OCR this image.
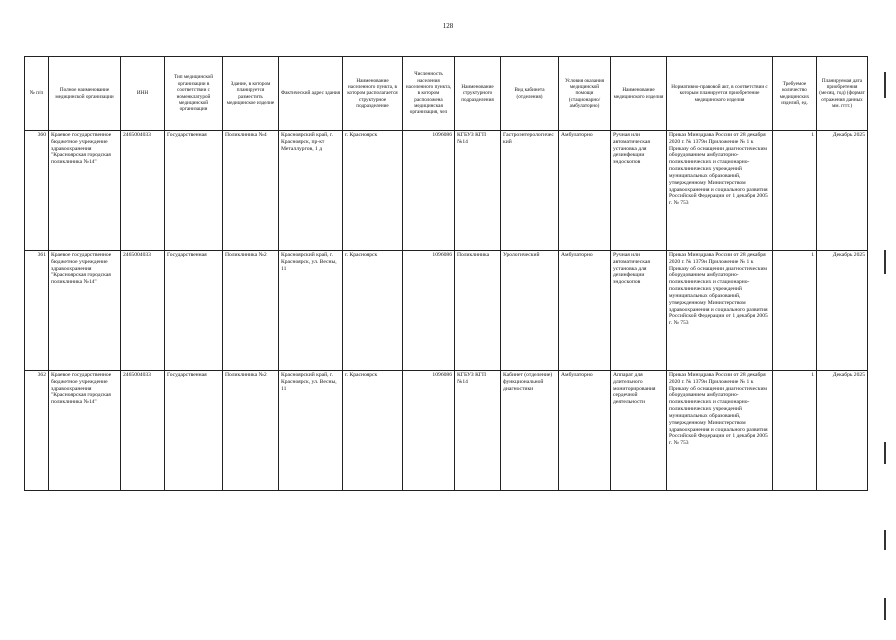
128
№ п/п	Полное наименование медицинской организации	ИНН	Тип медицинской организации в соответствии с номенклатурой медицинской организации	Здание, в котором планируется разместить медицинское изделие	Фактический адрес здания	Наименование населенного пункта, в котором располагается структурное подразделение	Численность населения населенного пункта, в котором расположена медицинская организация, чел	Наименование структурного подразделения	Вид кабинета (отделения)	Условия оказания медицинской помощи (стационарно/амбулаторно)	Наименование медицинского изделия	Нормативно-правовой акт, в соответствии с которым планируется приобретение медицинского изделия	Требуемое количество медицинских изделий, ед.	Планируемая дата приобретения (месяц, год) (формат отражения данных мм. гггг.)
360	Краевое государственное бюджетное учреждение здравоохранения "Красноярская городская поликлиника №14"	2465004033	Государственная	Поликлиника №4	Красноярский край, г. Красноярск, пр-кт Металлургов, 1 д	г. Красноярск	1096086	КГБУЗ КГП №14	Гастроэнтерологический	Амбулаторно	Ручная или автоматическая установка для дезинфекции эндоскопов	Приказ Минздрава России от 28 декабря 2020 г. № 1379н Приложение № 1 к Приказу об оснащении диагностическим оборудованием амбулаторно-поликлинических и стационарно-поликлинических учреждений муниципальных образований, утвержденному Министерством здравоохранения и социального развития Российской Федерации от 1 декабря 2005 г. № 753	1	Декабрь 2025
361	Краевое государственное бюджетное учреждение здравоохранения "Красноярская городская поликлиника №14"	2465004033	Государственная	Поликлиника №2	Красноярский край, г. Красноярск, ул. Весны, 11	г. Красноярск	1096086	Поликлиника	Урологический	Амбулаторно	Ручная или автоматическая установка для дезинфекции эндоскопов	Приказ Минздрава России от 28 декабря 2020 г. № 1379н Приложение № 1 к Приказу об оснащении диагностическим оборудованием амбулаторно-поликлинических и стационарно-поликлинических учреждений муниципальных образований, утвержденному Министерством здравоохранения и социального развития Российской Федерации от 1 декабря 2005 г. № 753	1	Декабрь 2025
362	Краевое государственное бюджетное учреждение здравоохранения "Красноярская городская поликлиника №14"	2465004033	Государственная	Поликлиника №2	Красноярский край, г. Красноярск, ул. Весны, 11	г. Красноярск	1096086	КГБУЗ КГП №14	Кабинет (отделение) функциональной диагностики	Амбулаторно	Аппарат для длительного мониторирования сердечной деятельности	Приказ Минздрава России от 28 декабря 2020 г. № 1379н Приложение № 1 к Приказу об оснащении диагностическим оборудованием амбулаторно-поликлинических и стационарно-поликлинических учреждений муниципальных образований, утвержденному Министерством здравоохранения и социального развития Российской Федерации от 1 декабря 2005 г. № 753	1	Декабрь 2025
